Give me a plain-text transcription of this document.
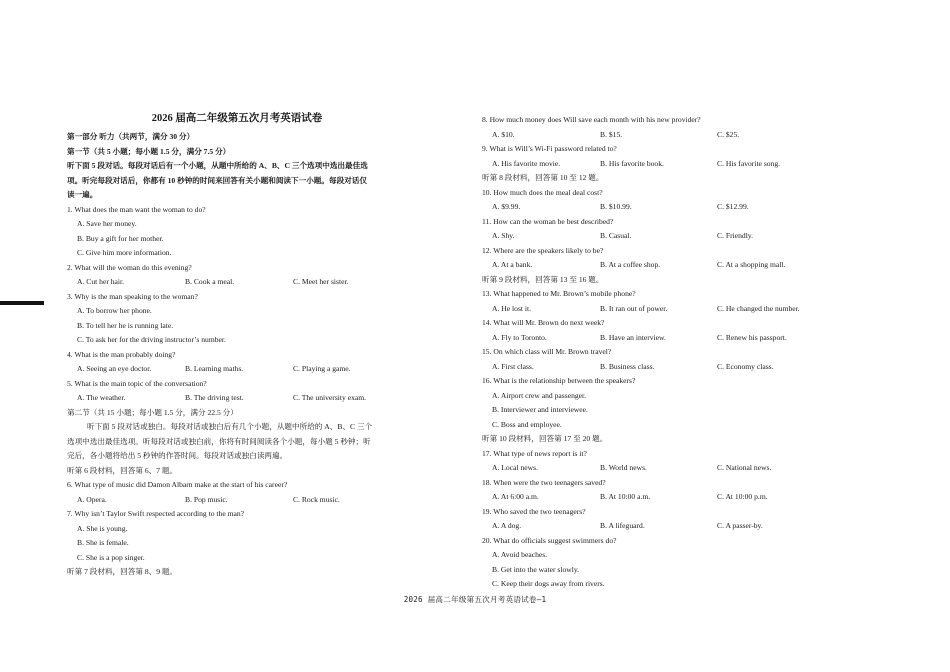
2026 届高二年级第五次月考英语试卷
第一部分 听力（共两节，满分 30 分）
第一节（共 5 小题；每小题 1.5 分，满分 7.5 分）
听下面 5 段对话。每段对话后有一个小题，从题中所给的 A、B、C 三个选项中选出最佳选
项。听完每段对话后，你都有 10 秒钟的时间来回答有关小题和阅读下一小题。每段对话仅
读一遍。
1. What does the man want the woman to do?
A. Save her money.
B. Buy a gift for her mother.
C. Give him more information.
2. What will the woman do this evening?
A. Cut her hair.	B. Cook a meal.	C. Meet her sister.
3. Why is the man speaking to the woman?
A. To borrow her phone.
B. To tell her he is running late.
C. To ask her for the driving instructor’s number.
4. What is the man probably doing?
A. Seeing an eye doctor.	B. Learning maths.	C. Playing a game.
5. What is the main topic of the conversation?
A. The weather.	B. The driving test.	C. The university exam.
第二节（共 15 小题；每小题 1.5 分，满分 22.5 分）
听下面 5 段对话或独白。每段对话或独白后有几个小题，从题中所给的 A、B、C 三个
选项中选出最佳选项。听每段对话或独白前，你将有时间阅读各个小题，每小题 5 秒钟；听
完后，各小题将给出 5 秒钟的作答时间。每段对话或独白读两遍。
听第 6 段材料，回答第 6、7 题。
6. What type of music did Damon Albarn make at the start of his career?
A. Opera.	B. Pop music.	C. Rock music.
7. Why isn’t Taylor Swift respected according to the man?
A. She is young.
B. She is female.
C. She is a pop singer.
听第 7 段材料，回答第 8、9 题。
8. How much money does Will save each month with his new provider?
A. $10.	B. $15.	C. $25.
9. What is Will’s Wi-Fi password related to?
A. His favorite movie.	B. His favorite book.	C. His favorite song.
听第 8 段材料，回答第 10 至 12 题。
10. How much does the meal deal cost?
A. $9.99.	B. $10.99.	C. $12.99.
11. How can the woman be best described?
A. Shy.	B. Casual.	C. Friendly.
12. Where are the speakers likely to be?
A. At a bank.	B. At a coffee shop.	C. At a shopping mall.
听第 9 段材料，回答第 13 至 16 题。
13. What happened to Mr. Brown’s mobile phone?
A. He lost it.	B. It ran out of power.	C. He changed the number.
14. What will Mr. Brown do next week?
A. Fly to Toronto.	B. Have an interview.	C. Renew his passport.
15. On which class will Mr. Brown travel?
A. First class.	B. Business class.	C. Economy class.
16. What is the relationship between the speakers?
A. Airport crew and passenger.
B. Interviewer and interviewee.
C. Boss and employee.
听第 10 段材料，回答第 17 至 20 题。
17. What type of news report is it?
A. Local news.	B. World news.	C. National news.
18. When were the two teenagers saved?
A. At 6:00 a.m.	B. At 10:00 a.m.	C. At 10:00 p.m.
19. Who saved the two teenagers?
A. A dog.	B. A lifeguard.	C. A passer-by.
20. What do officials suggest swimmers do?
A. Avoid beaches.
B. Get into the water slowly.
C. Keep their dogs away from rivers.
2026 届高二年级第五次月考英语试卷—1
